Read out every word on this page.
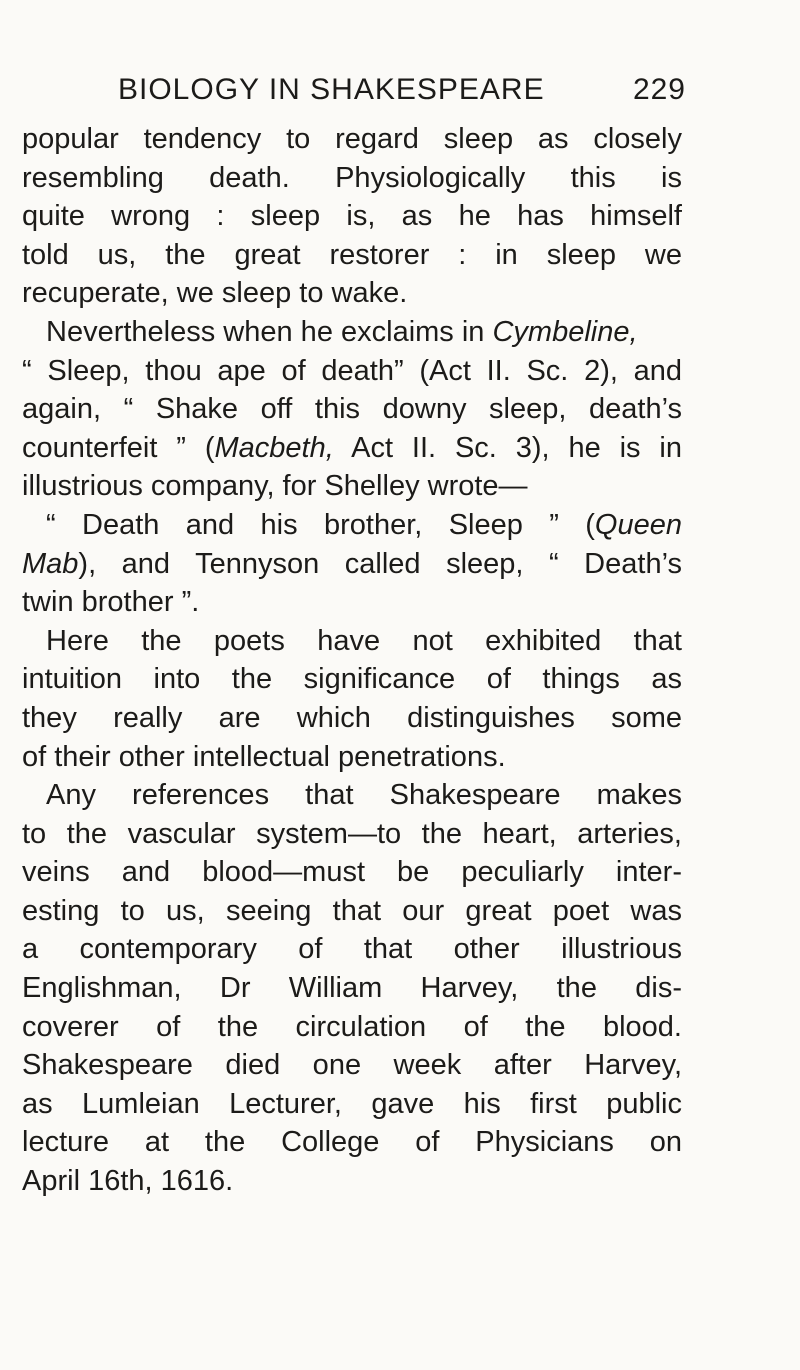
BIOLOGY IN SHAKESPEARE	229
popular tendency to regard sleep as closely
resembling death. Physiologically this is
quite wrong : sleep is, as he has himself
told us, the great restorer : in sleep we
recuperate, we sleep to wake.
Nevertheless when he exclaims in Cymbeline,
“ Sleep, thou ape of death” (Act II. Sc. 2), and
again, “ Shake off this downy sleep, death’s
counterfeit ” (Macbeth, Act II. Sc. 3), he is in
illustrious company, for Shelley wrote—
“ Death and his brother, Sleep ” (Queen
Mab), and Tennyson called sleep, “ Death’s
twin brother ”.
Here the poets have not exhibited that
intuition into the significance of things as
they really are which distinguishes some
of their other intellectual penetrations.
Any references that Shakespeare makes
to the vascular system—to the heart, arteries,
veins and blood—must be peculiarly inter-
esting to us, seeing that our great poet was
a contemporary of that other illustrious
Englishman, Dr William Harvey, the dis-
coverer of the circulation of the blood.
Shakespeare died one week after Harvey,
as Lumleian Lecturer, gave his first public
lecture at the College of Physicians on
April 16th, 1616.
